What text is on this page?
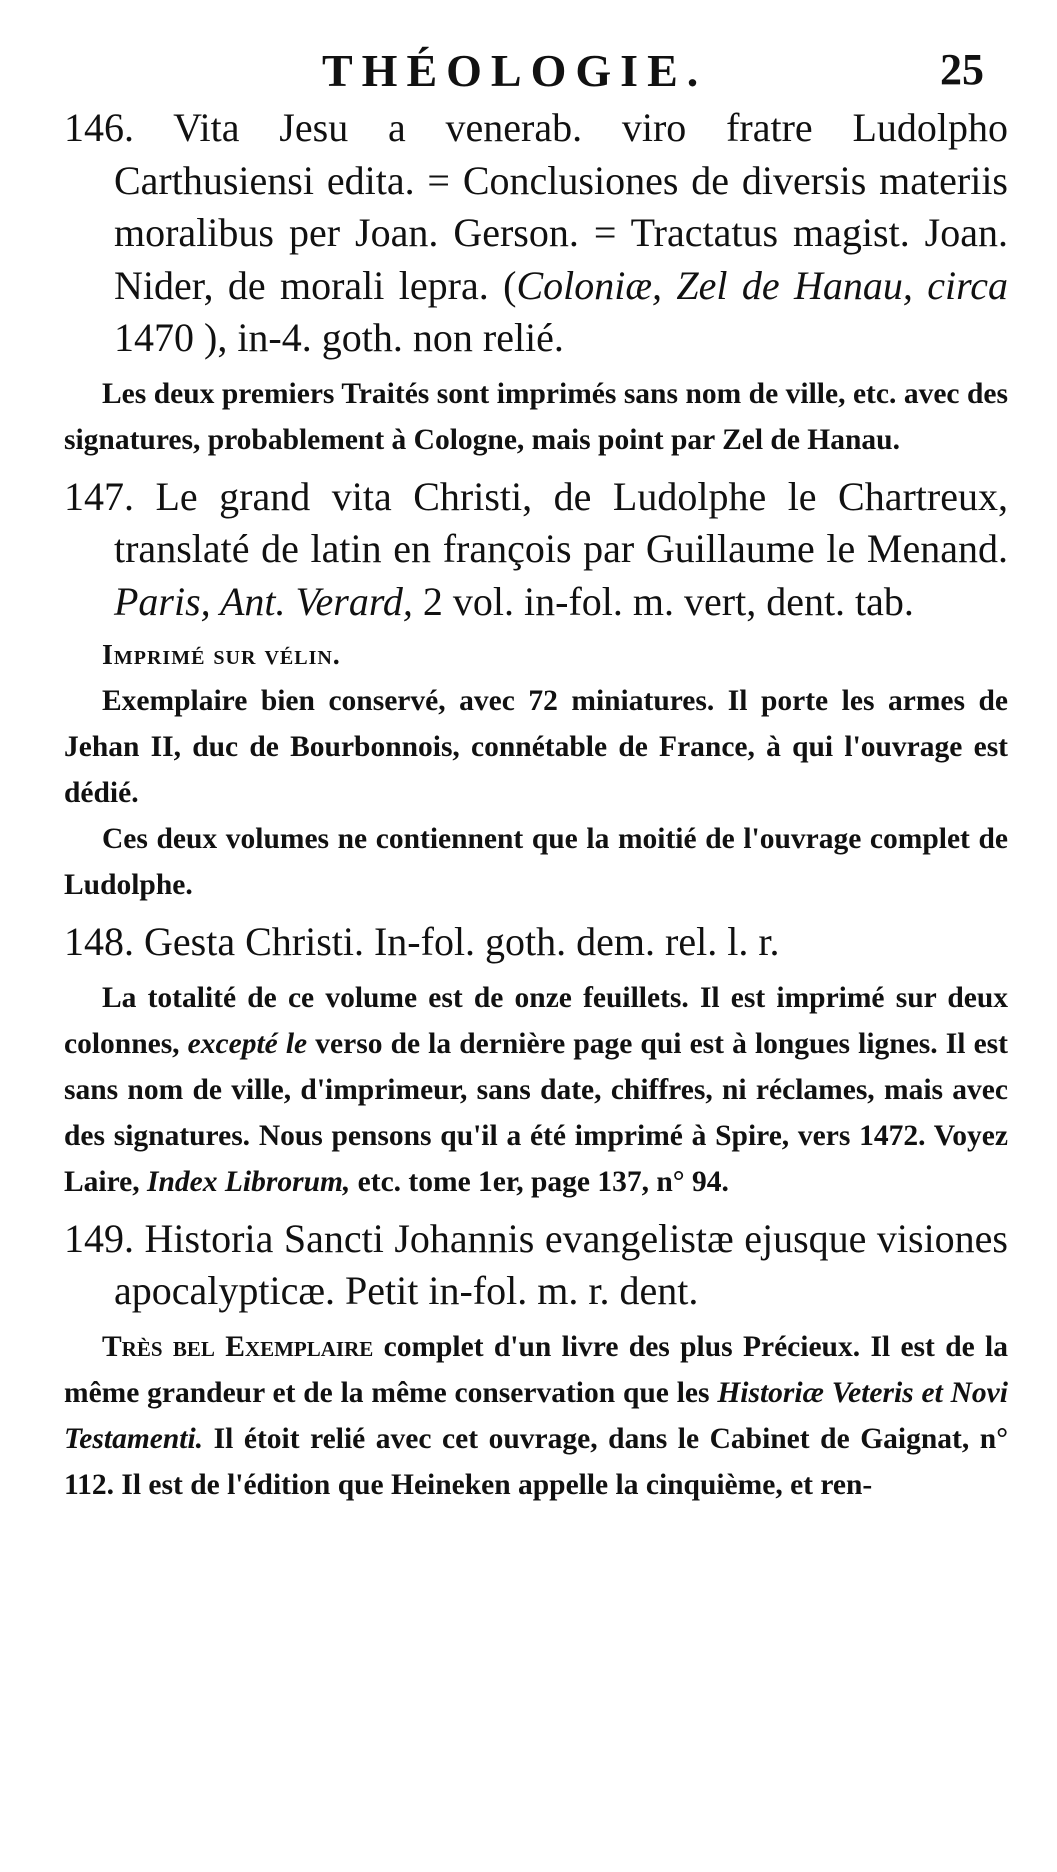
THÉOLOGIE.	25

146. Vita Jesu a venerab. viro fratre Ludolpho Carthusiensi edita. = Conclusiones de diversis materiis moralibus per Joan. Gerson. = Tractatus magist. Joan. Nider, de morali lepra. (Coloniæ, Zel de Hanau, circa 1470 ), in-4. goth. non relié.

Les deux premiers Traités sont imprimés sans nom de ville, etc. avec des signatures, probablement à Cologne, mais point par Zel de Hanau.

147. Le grand vita Christi, de Ludolphe le Chartreux, translaté de latin en françois par Guillaume le Menand. Paris, Ant. Verard, 2 vol. in-fol. m. vert, dent. tab.

Imprimé sur vélin.

Exemplaire bien conservé, avec 72 miniatures. Il porte les armes de Jehan II, duc de Bourbonnois, connétable de France, à qui l'ouvrage est dédié.

Ces deux volumes ne contiennent que la moitié de l'ouvrage complet de Ludolphe.

148. Gesta Christi. In-fol. goth. dem. rel. l. r.

La totalité de ce volume est de onze feuillets. Il est imprimé sur deux colonnes, excepté le verso de la dernière page qui est à longues lignes. Il est sans nom de ville, d'imprimeur, sans date, chiffres, ni réclames, mais avec des signatures. Nous pensons qu'il a été imprimé à Spire, vers 1472. Voyez Laire, Index Librorum, etc. tome 1er, page 137, n° 94.

149. Historia Sancti Johannis evangelistæ ejusque visiones apocalypticæ. Petit in-fol. m. r. dent.

Très bel Exemplaire complet d'un livre des plus Précieux. Il est de la même grandeur et de la même conservation que les Historiæ Veteris et Novi Testamenti. Il étoit relié avec cet ouvrage, dans le Cabinet de Gaignat, n° 112. Il est de l'édition que Heineken appelle la cinquième, et ren-
